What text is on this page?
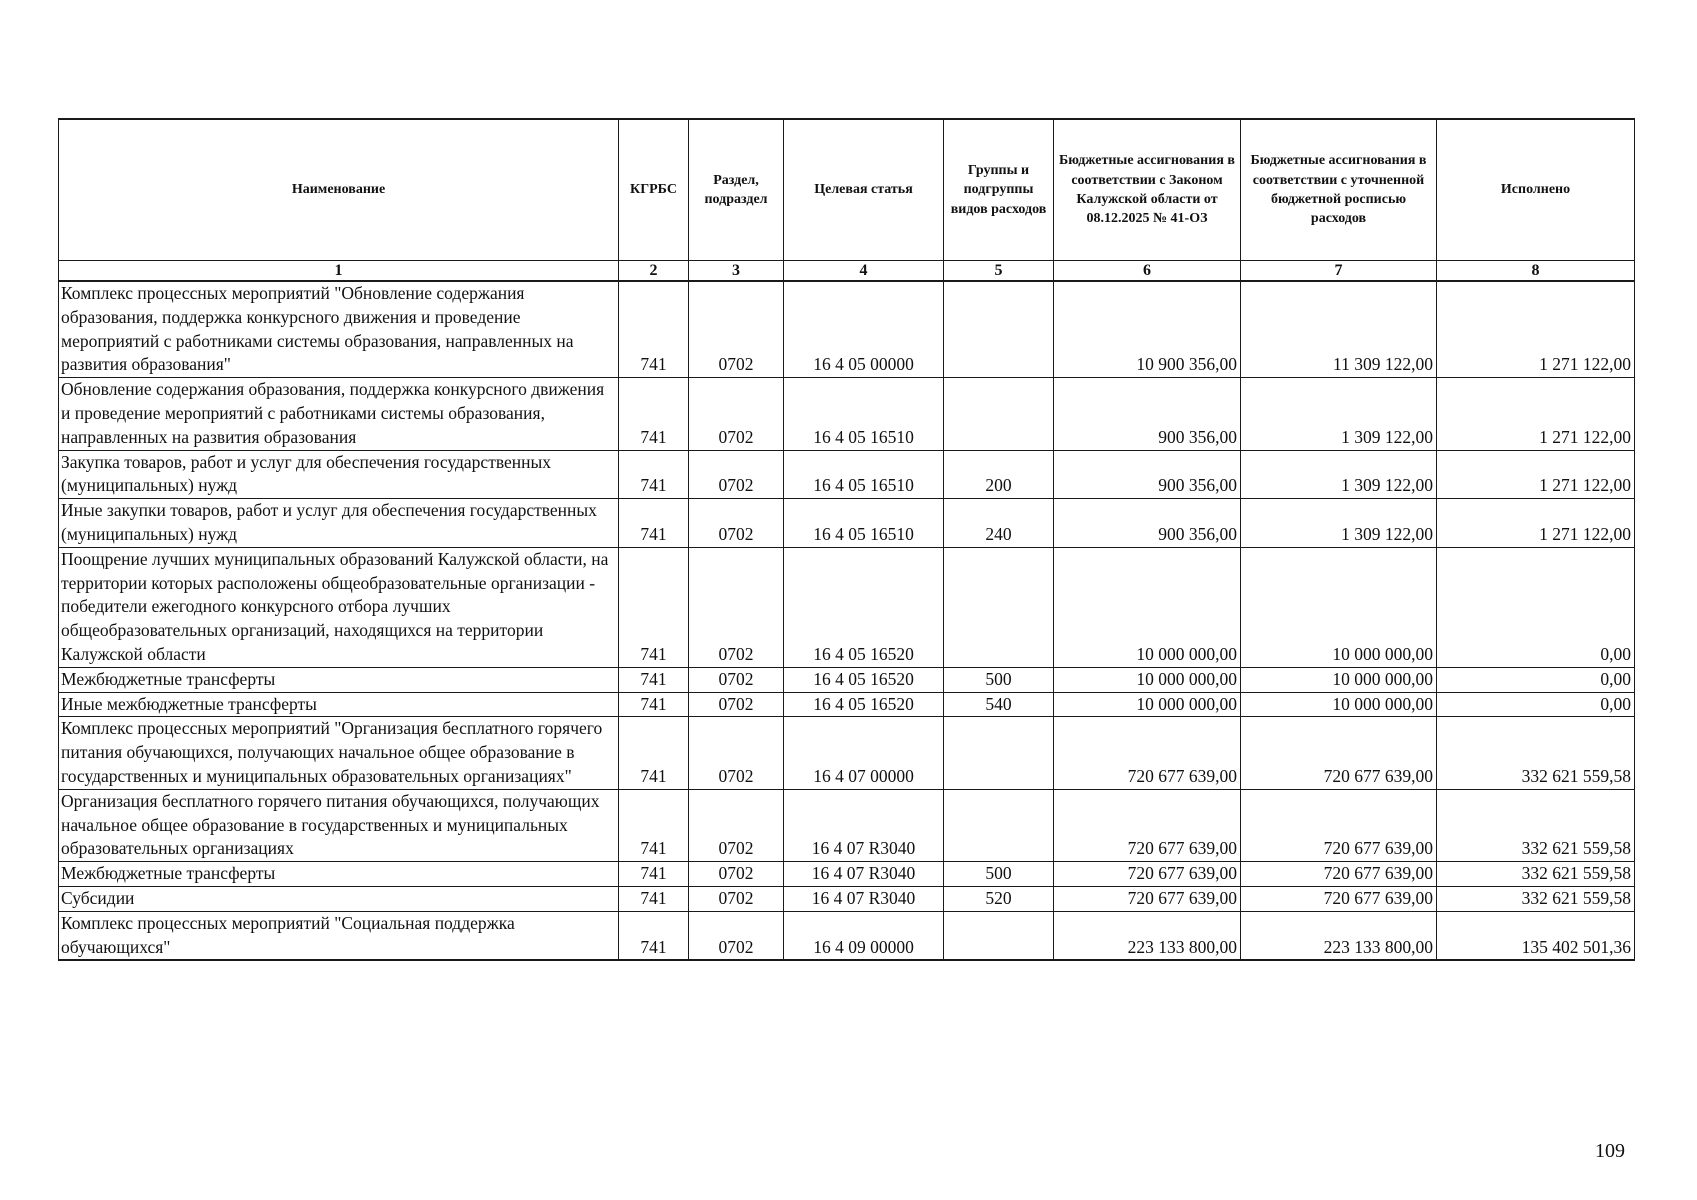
Наименование	КГРБС	Раздел, подраздел	Целевая статья	Группы и подгруппы видов расходов	Бюджетные ассигнования в соответствии с Законом Калужской области от 08.12.2025 № 41-ОЗ	Бюджетные ассигнования в соответствии с уточненной бюджетной росписью расходов	Исполнено
1	2	3	4	5	6	7	8
Комплекс процессных мероприятий "Обновление содержания образования, поддержка конкурсного движения и проведение мероприятий с работниками системы образования, направленных на развития образования"	741	0702	16 4 05 00000		10 900 356,00	11 309 122,00	1 271 122,00
Обновление содержания образования, поддержка конкурсного движения и проведение мероприятий с работниками системы образования, направленных на развития образования	741	0702	16 4 05 16510		900 356,00	1 309 122,00	1 271 122,00
Закупка товаров, работ и услуг для обеспечения государственных (муниципальных) нужд	741	0702	16 4 05 16510	200	900 356,00	1 309 122,00	1 271 122,00
Иные закупки товаров, работ и услуг для обеспечения государственных (муниципальных) нужд	741	0702	16 4 05 16510	240	900 356,00	1 309 122,00	1 271 122,00
Поощрение лучших муниципальных образований Калужской области, на территории которых расположены общеобразовательные организации - победители ежегодного конкурсного отбора лучших общеобразовательных организаций, находящихся на территории Калужской области	741	0702	16 4 05 16520		10 000 000,00	10 000 000,00	0,00
Межбюджетные трансферты	741	0702	16 4 05 16520	500	10 000 000,00	10 000 000,00	0,00
Иные межбюджетные трансферты	741	0702	16 4 05 16520	540	10 000 000,00	10 000 000,00	0,00
Комплекс процессных мероприятий "Организация бесплатного горячего питания обучающихся, получающих начальное общее образование в государственных и муниципальных образовательных организациях"	741	0702	16 4 07 00000		720 677 639,00	720 677 639,00	332 621 559,58
Организация бесплатного горячего питания обучающихся, получающих начальное общее образование в государственных и муниципальных образовательных организациях	741	0702	16 4 07 R3040		720 677 639,00	720 677 639,00	332 621 559,58
Межбюджетные трансферты	741	0702	16 4 07 R3040	500	720 677 639,00	720 677 639,00	332 621 559,58
Субсидии	741	0702	16 4 07 R3040	520	720 677 639,00	720 677 639,00	332 621 559,58
Комплекс процессных мероприятий "Социальная поддержка обучающихся"	741	0702	16 4 09 00000		223 133 800,00	223 133 800,00	135 402 501,36
109
